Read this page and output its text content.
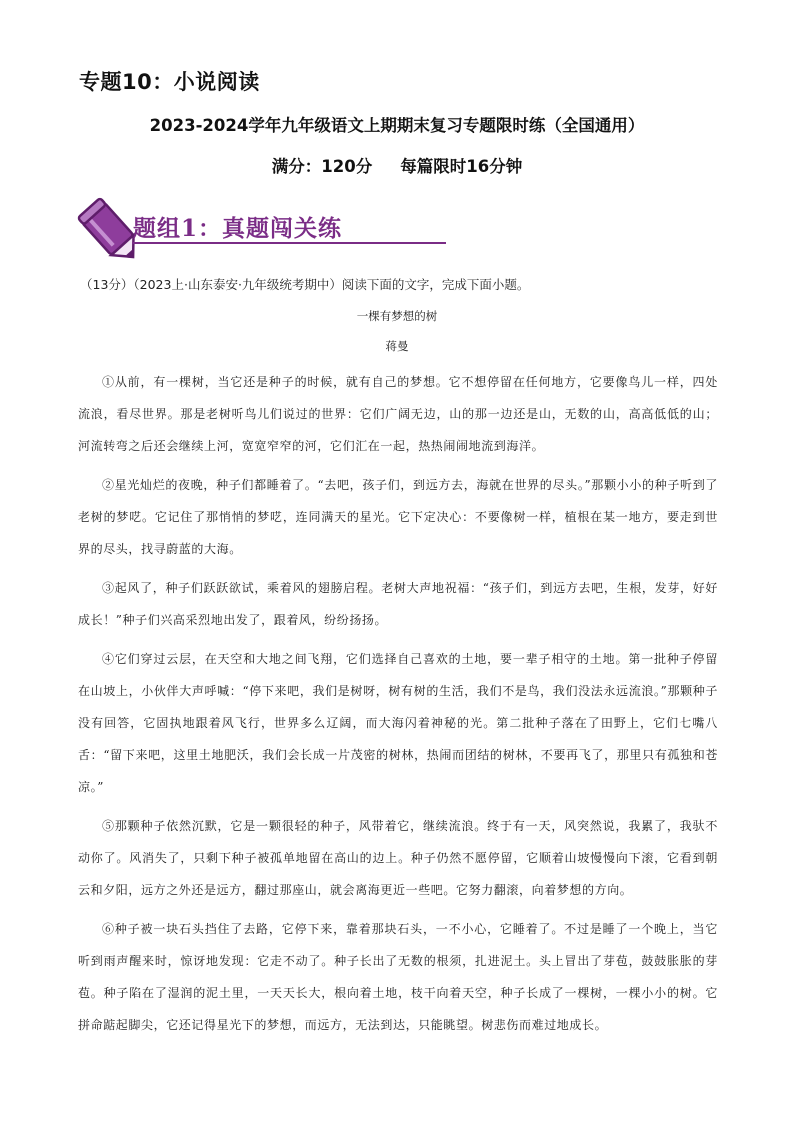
专题10：小说阅读
2023-2024学年九年级语文上期期末复习专题限时练（全国通用）
满分：120分 每篇限时16分钟
题组1：真题闯关练
（13分）（2023上·山东泰安·九年级统考期中）阅读下面的文字，完成下面小题。
一棵有梦想的树
蒋曼

①从前，有一棵树，当它还是种子的时候，就有自己的梦想。它不想停留在任何地方，它要像鸟儿一样，四处流浪，看尽世界。那是老树听鸟儿们说过的世界：它们广阔无边，山的那一边还是山，无数的山，高高低低的山；河流转弯之后还会继续上河，宽宽窄窄的河，它们汇在一起，热热闹闹地流到海洋。

②星光灿烂的夜晚，种子们都睡着了。“去吧，孩子们，到远方去，海就在世界的尽头。”那颗小小的种子听到了老树的梦呓。它记住了那悄悄的梦呓，连同满天的星光。它下定决心：不要像树一样，植根在某一地方，要走到世界的尽头，找寻蔚蓝的大海。

③起风了，种子们跃跃欲试，乘着风的翅膀启程。老树大声地祝福：“孩子们，到远方去吧，生根，发芽，好好成长！”种子们兴高采烈地出发了，跟着风，纷纷扬扬。

④它们穿过云层，在天空和大地之间飞翔，它们选择自己喜欢的土地，要一辈子相守的土地。第一批种子停留在山坡上，小伙伴大声呼喊：“停下来吧，我们是树呀，树有树的生活，我们不是鸟，我们没法永远流浪。”那颗种子没有回答，它固执地跟着风飞行，世界多么辽阔，而大海闪着神秘的光。第二批种子落在了田野上，它们七嘴八舌：“留下来吧，这里土地肥沃，我们会长成一片茂密的树林，热闹而团结的树林，不要再飞了，那里只有孤独和苍凉。”

⑤那颗种子依然沉默，它是一颗很轻的种子，风带着它，继续流浪。终于有一天，风突然说，我累了，我驮不动你了。风消失了，只剩下种子被孤单地留在高山的边上。种子仍然不愿停留，它顺着山坡慢慢向下滚，它看到朝云和夕阳，远方之外还是远方，翻过那座山，就会离海更近一些吧。它努力翻滚，向着梦想的方向。

⑥种子被一块石头挡住了去路，它停下来，靠着那块石头，一不小心，它睡着了。不过是睡了一个晚上，当它听到雨声醒来时，惊讶地发现：它走不动了。种子长出了无数的根须，扎进泥土。头上冒出了芽苞，鼓鼓胀胀的芽苞。种子陷在了湿润的泥土里，一天天长大，根向着土地，枝干向着天空，种子长成了一棵树，一棵小小的树。它拼命踮起脚尖，它还记得星光下的梦想，而远方，无法到达，只能眺望。树悲伤而难过地成长。
